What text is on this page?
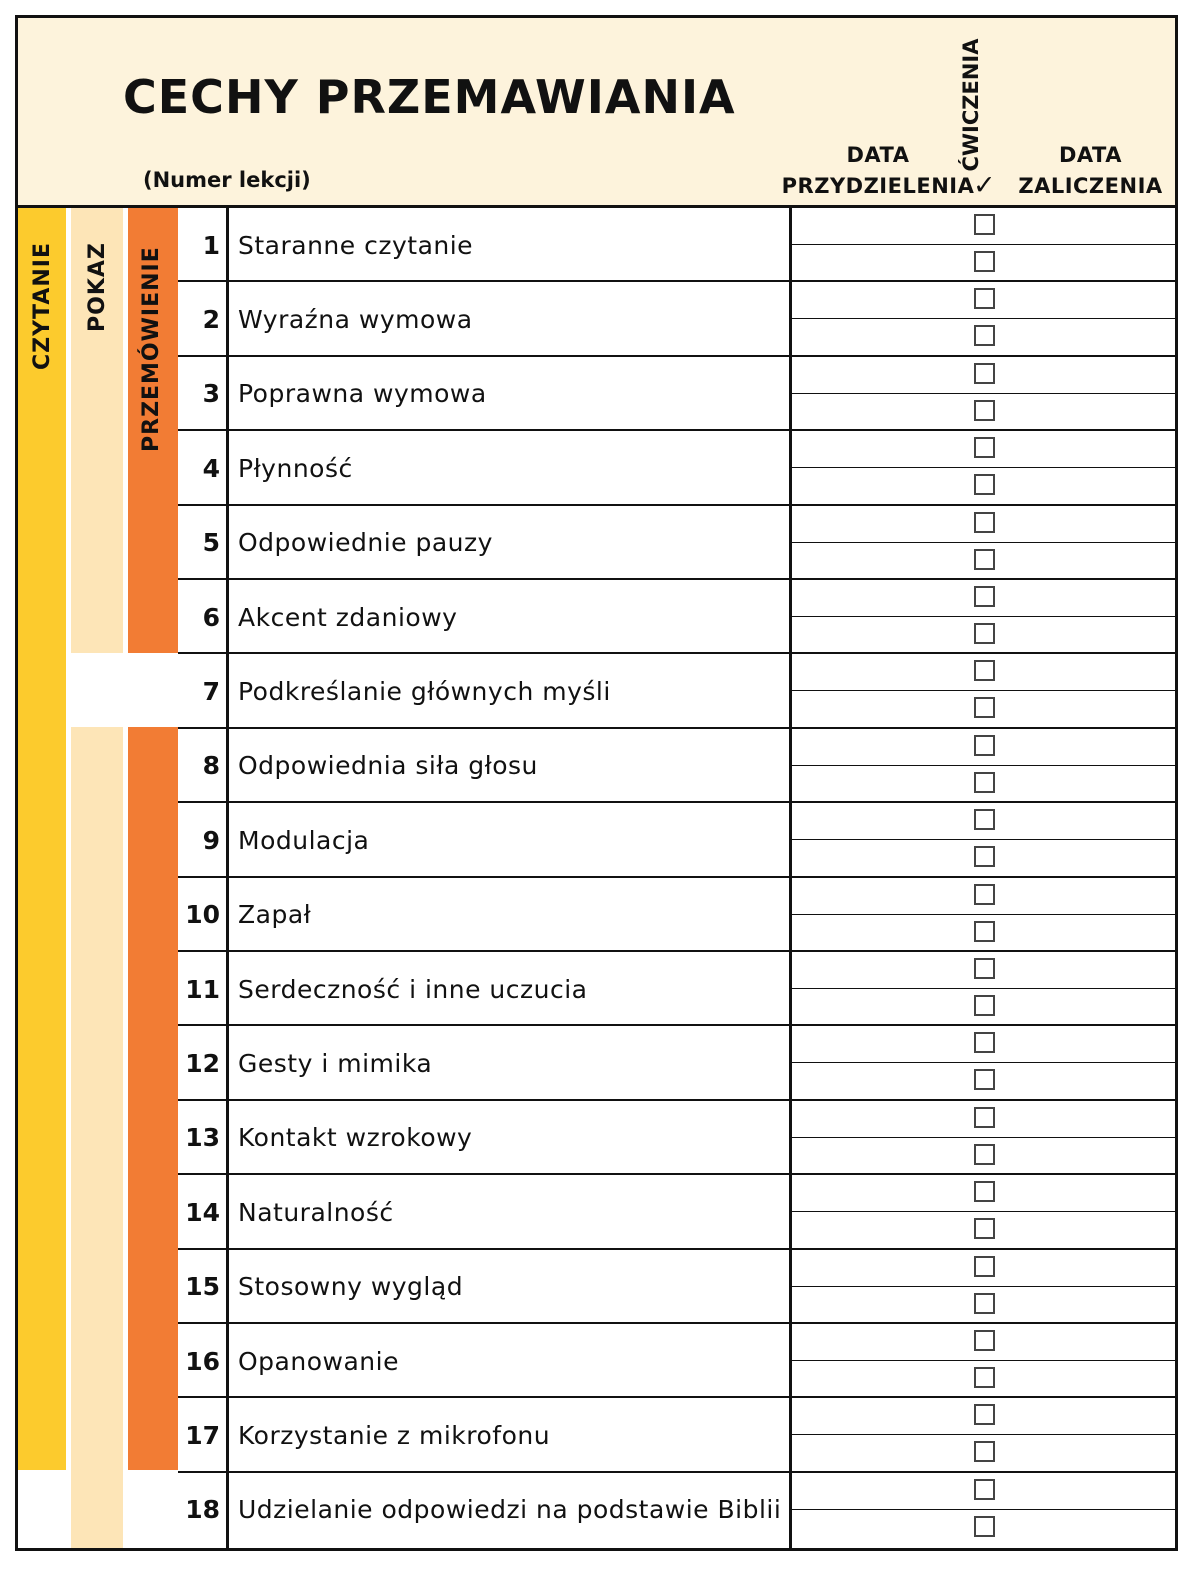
CECHY PRZEMAWIANIA
(Numer lekcji)
DATA
PRZYDZIELENIA
ĆWICZENIA
✓
DATA
ZALICZENIA
CZYTANIE POKAZ PRZEMÓWIENIE
1 Staranne czytanie
2 Wyraźna wymowa
3 Poprawna wymowa
4 Płynność
5 Odpowiednie pauzy
6 Akcent zdaniowy
7 Podkreślanie głównych myśli
8 Odpowiednia siła głosu
9 Modulacja
10 Zapał
11 Serdeczność i inne uczucia
12 Gesty i mimika
13 Kontakt wzrokowy
14 Naturalność
15 Stosowny wygląd
16 Opanowanie
17 Korzystanie z mikrofonu
18 Udzielanie odpowiedzi na podstawie Biblii
